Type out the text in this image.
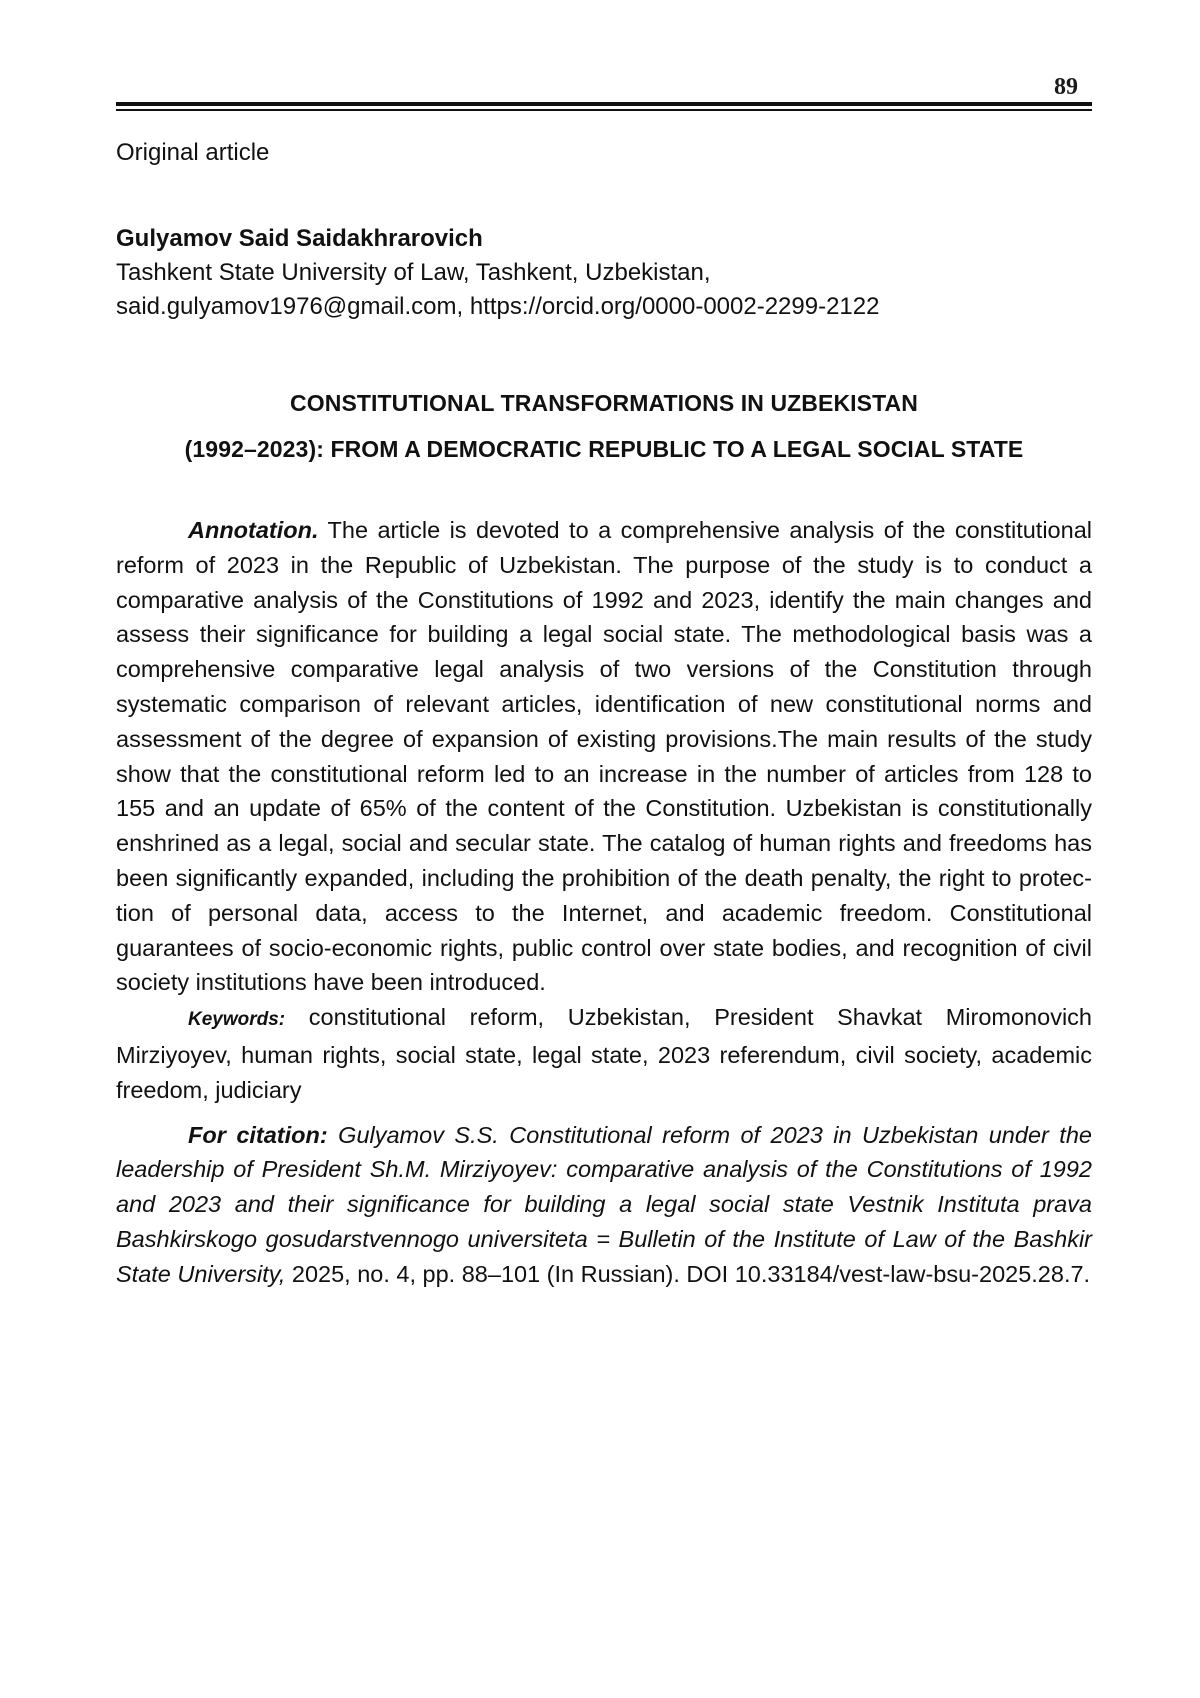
89
Original article
Gulyamov Said Saidakhrarovich
Tashkent State University of Law, Tashkent, Uzbekistan,
said.gulyamov1976@gmail.com, https://orcid.org/0000-0002-2299-2122
CONSTITUTIONAL TRANSFORMATIONS IN UZBEKISTAN
(1992–2023): FROM A DEMOCRATIC REPUBLIC TO A LEGAL SOCIAL STATE

Annotation. The article is devoted to a comprehensive analysis of the constitutional reform of 2023 in the Republic of Uzbekistan. The purpose of the study is to conduct a comparative analysis of the Constitutions of 1992 and 2023, identify the main changes and assess their significance for building a legal social state. The methodological basis was a comprehensive comparative legal analysis of two versions of the Constitution through systematic comparison of relevant articles, identification of new constitutional norms and assessment of the degree of expansion of existing provisions.The main results of the study show that the constitutional reform led to an increase in the number of articles from 128 to 155 and an update of 65% of the content of the Constitution. Uzbekistan is constitutionally enshrined as a legal, social and secular state. The catalog of human rights and freedoms has been significantly expanded, including the prohibition of the death penalty, the right to protection of personal data, access to the Internet, and academic freedom. Constitutional guarantees of socio-economic rights, public control over state bodies, and recognition of civil society institutions have been introduced.

Keywords: constitutional reform, Uzbekistan, President Shavkat Miromonovich Mirziyoyev, human rights, social state, legal state, 2023 referendum, civil society, academic freedom, judiciary

For citation: Gulyamov S.S. Constitutional reform of 2023 in Uzbekistan under the leadership of President Sh.M. Mirziyoyev: comparative analysis of the Constitutions of 1992 and 2023 and their significance for building a legal social state Vestnik Instituta prava Bashkirskogo gosudarstvennogo universiteta = Bulletin of the Institute of Law of the Bashkir State University, 2025, no. 4, pp. 88–101 (In Russian). DOI 10.33184/vest-law-bsu-2025.28.7.
